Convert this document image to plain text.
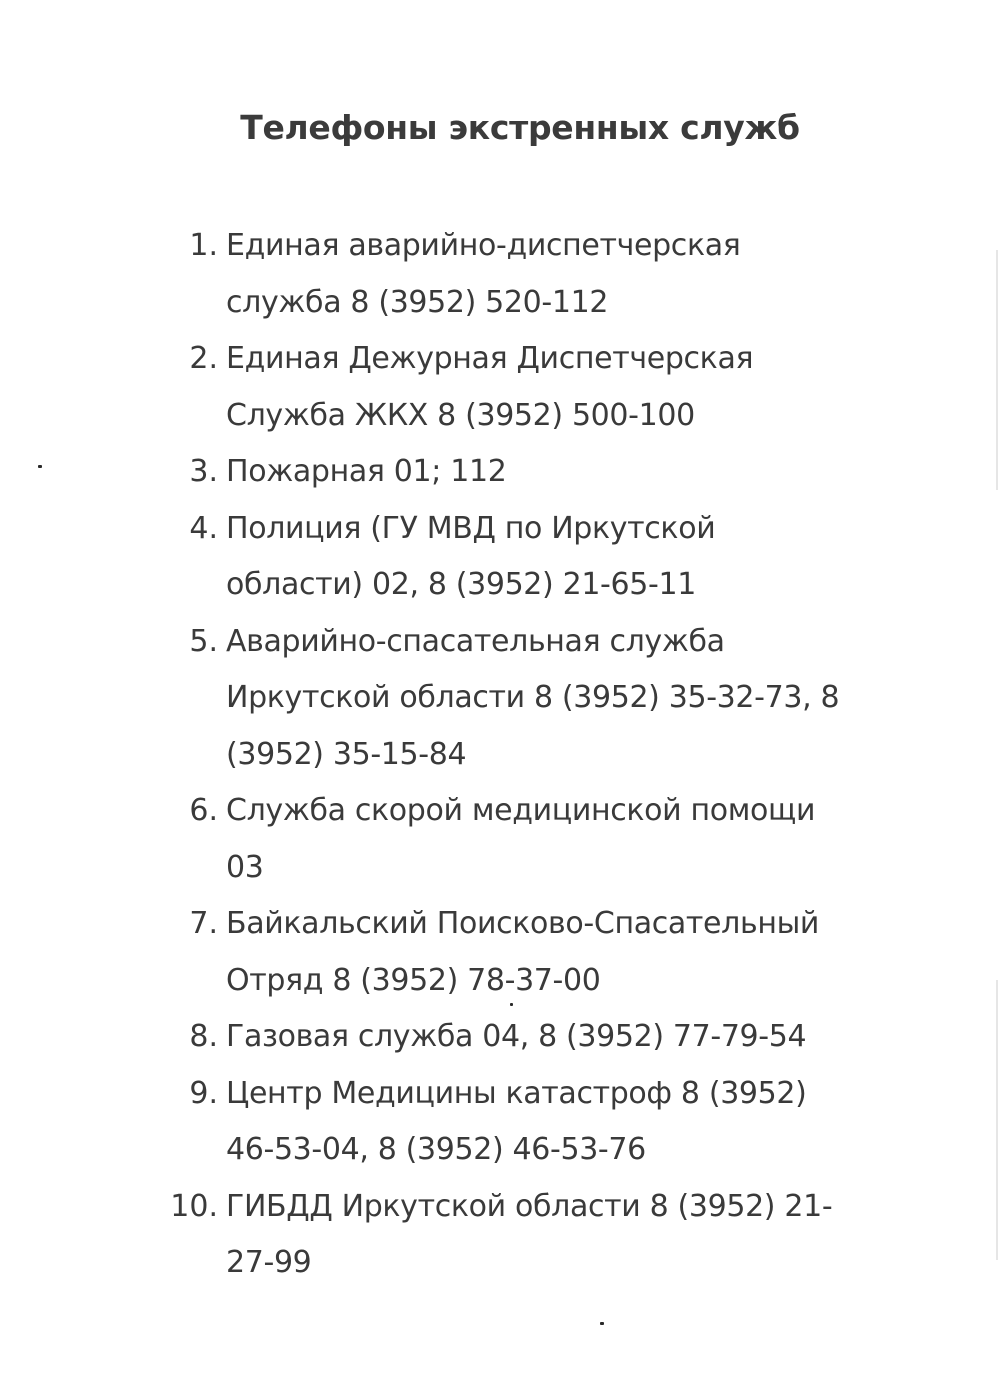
Телефоны экстренных служб
1. Единая аварийно-диспетчерская
служба 8 (3952) 520-112
2. Единая Дежурная Диспетчерская
Служба ЖКХ 8 (3952) 500-100
3. Пожарная 01; 112
4. Полиция (ГУ МВД по Иркутской
области) 02, 8 (3952) 21-65-11
5. Аварийно-спасательная служба
Иркутской области 8 (3952) 35-32-73, 8
(3952) 35-15-84
6. Служба скорой медицинской помощи
03
7. Байкальский Поисково-Спасательный
Отряд 8 (3952) 78-37-00
8. Газовая служба 04, 8 (3952) 77-79-54
9. Центр Медицины катастроф 8 (3952)
46-53-04, 8 (3952) 46-53-76
10. ГИБДД Иркутской области 8 (3952) 21-
27-99
